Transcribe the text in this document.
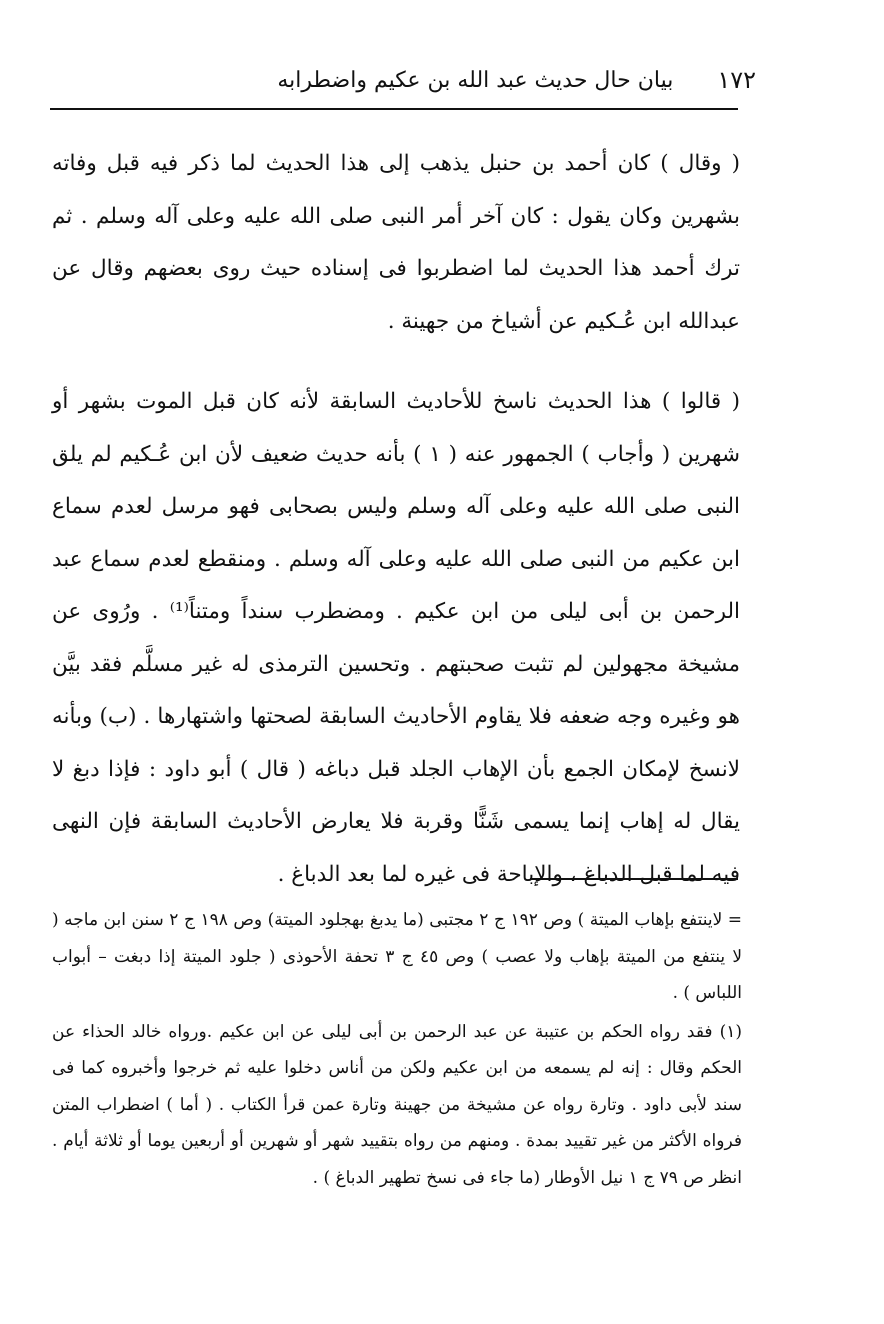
١٧٢
بيان حال حديث عبد الله بن عكيم واضطرابه

( وقال ) كان أحمد بن حنبل يذهب إلى هذا الحديث لما ذكر فيه قبل وفاته بشهرين وكان يقول : كان آخر أمر النبى صلى الله عليه وعلى آله وسلم . ثم ترك أحمد هذا الحديث لما اضطربوا فى إسناده حيث روى بعضهم وقال عن عبدالله ابن عُـكيم عن أشياخ من جهينة .

( قالوا ) هذا الحديث ناسخ للأحاديث السابقة لأنه كان قبل الموت بشهر أو شهرين ( وأجاب ) الجمهور عنه ( ١ ) بأنه حديث ضعيف لأن ابن عُـكيم لم يلق النبى صلى الله عليه وعلى آله وسلم وليس بصحابى فهو مرسل لعدم سماع ابن عكيم من النبى صلى الله عليه وعلى آله وسلم . ومنقطع لعدم سماع عبد الرحمن بن أبى ليلى من ابن عكيم . ومضطرب سنداً ومتناً⁽¹⁾ . ورُوى عن مشيخة مجهولين لم تثبت صحبتهم . وتحسين الترمذى له غير مسلَّم فقد بيَّن هو وغيره وجه ضعفه فلا يقاوم الأحاديث السابقة لصحتها واشتهارها . (ب) وبأنه لانسخ لإمكان الجمع بأن الإهاب الجلد قبل دباغه ( قال ) أبو داود : فإذا دبغ لا يقال له إهاب إنما يسمى شَنًّا وقربة فلا يعارض الأحاديث السابقة فإن النهى فيه لما قبل الدباغ ، والإباحة فى غيره لما بعد الدباغ .

= لاينتفع بإهاب الميتة ) وص ١٩٢ ج ٢ مجتبى (ما يدبغ بهجلود الميتة) وص ١٩٨ ج ٢ سنن ابن ماجه ( لا ينتفع من الميتة بإهاب ولا عصب ) وص ٤٥ ج ٣ تحفة الأحوذى ( جلود الميتة إذا دبغت – أبواب اللباس ) .

(١) فقد رواه الحكم بن عتيبة عن عبد الرحمن بن أبى ليلى عن ابن عكيم .ورواه خالد الحذاء عن الحكم وقال : إنه لم يسمعه من ابن عكيم ولكن من أناس دخلوا عليه ثم خرجوا وأخبروه كما فى سند لأبى داود . وتارة رواه عن مشيخة من جهينة وتارة عمن قرأ الكتاب . ( أما ) اضطراب المتن فرواه الأكثر من غير تقييد بمدة . ومنهم من رواه بتقييد شهر أو شهرين أو أربعين يوما أو ثلاثة أيام . انظر ص ٧٩ ج ١ نيل الأوطار (ما جاء فى نسخ تطهير الدباغ ) .
